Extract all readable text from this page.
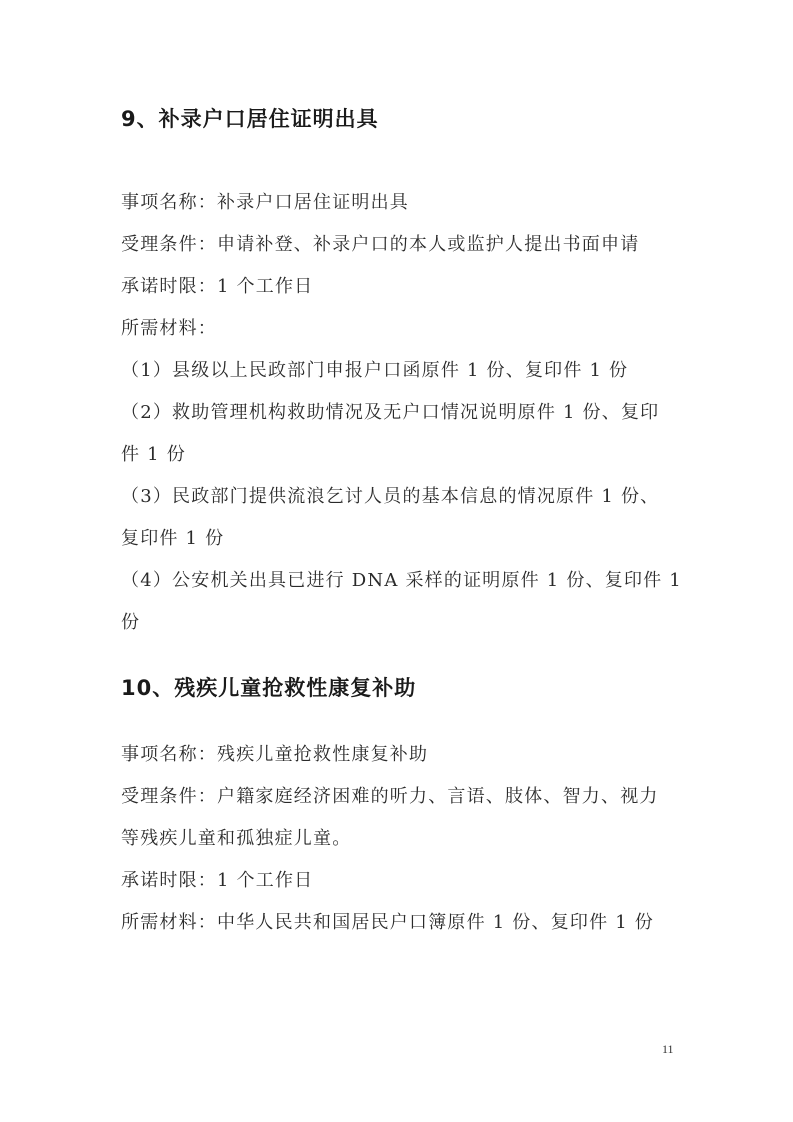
9、补录户口居住证明出具
事项名称：补录户口居住证明出具
受理条件：申请补登、补录户口的本人或监护人提出书面申请
承诺时限：1 个工作日
所需材料：
（1）县级以上民政部门申报户口函原件 1 份、复印件 1 份
（2）救助管理机构救助情况及无户口情况说明原件 1 份、复印
件 1 份
（3）民政部门提供流浪乞讨人员的基本信息的情况原件 1 份、
复印件 1 份
（4）公安机关出具已进行 DNA 采样的证明原件 1 份、复印件 1
份
10、残疾儿童抢救性康复补助
事项名称：残疾儿童抢救性康复补助
受理条件：户籍家庭经济困难的听力、言语、肢体、智力、视力
等残疾儿童和孤独症儿童。
承诺时限：1 个工作日
所需材料：中华人民共和国居民户口簿原件 1 份、复印件 1 份
11
